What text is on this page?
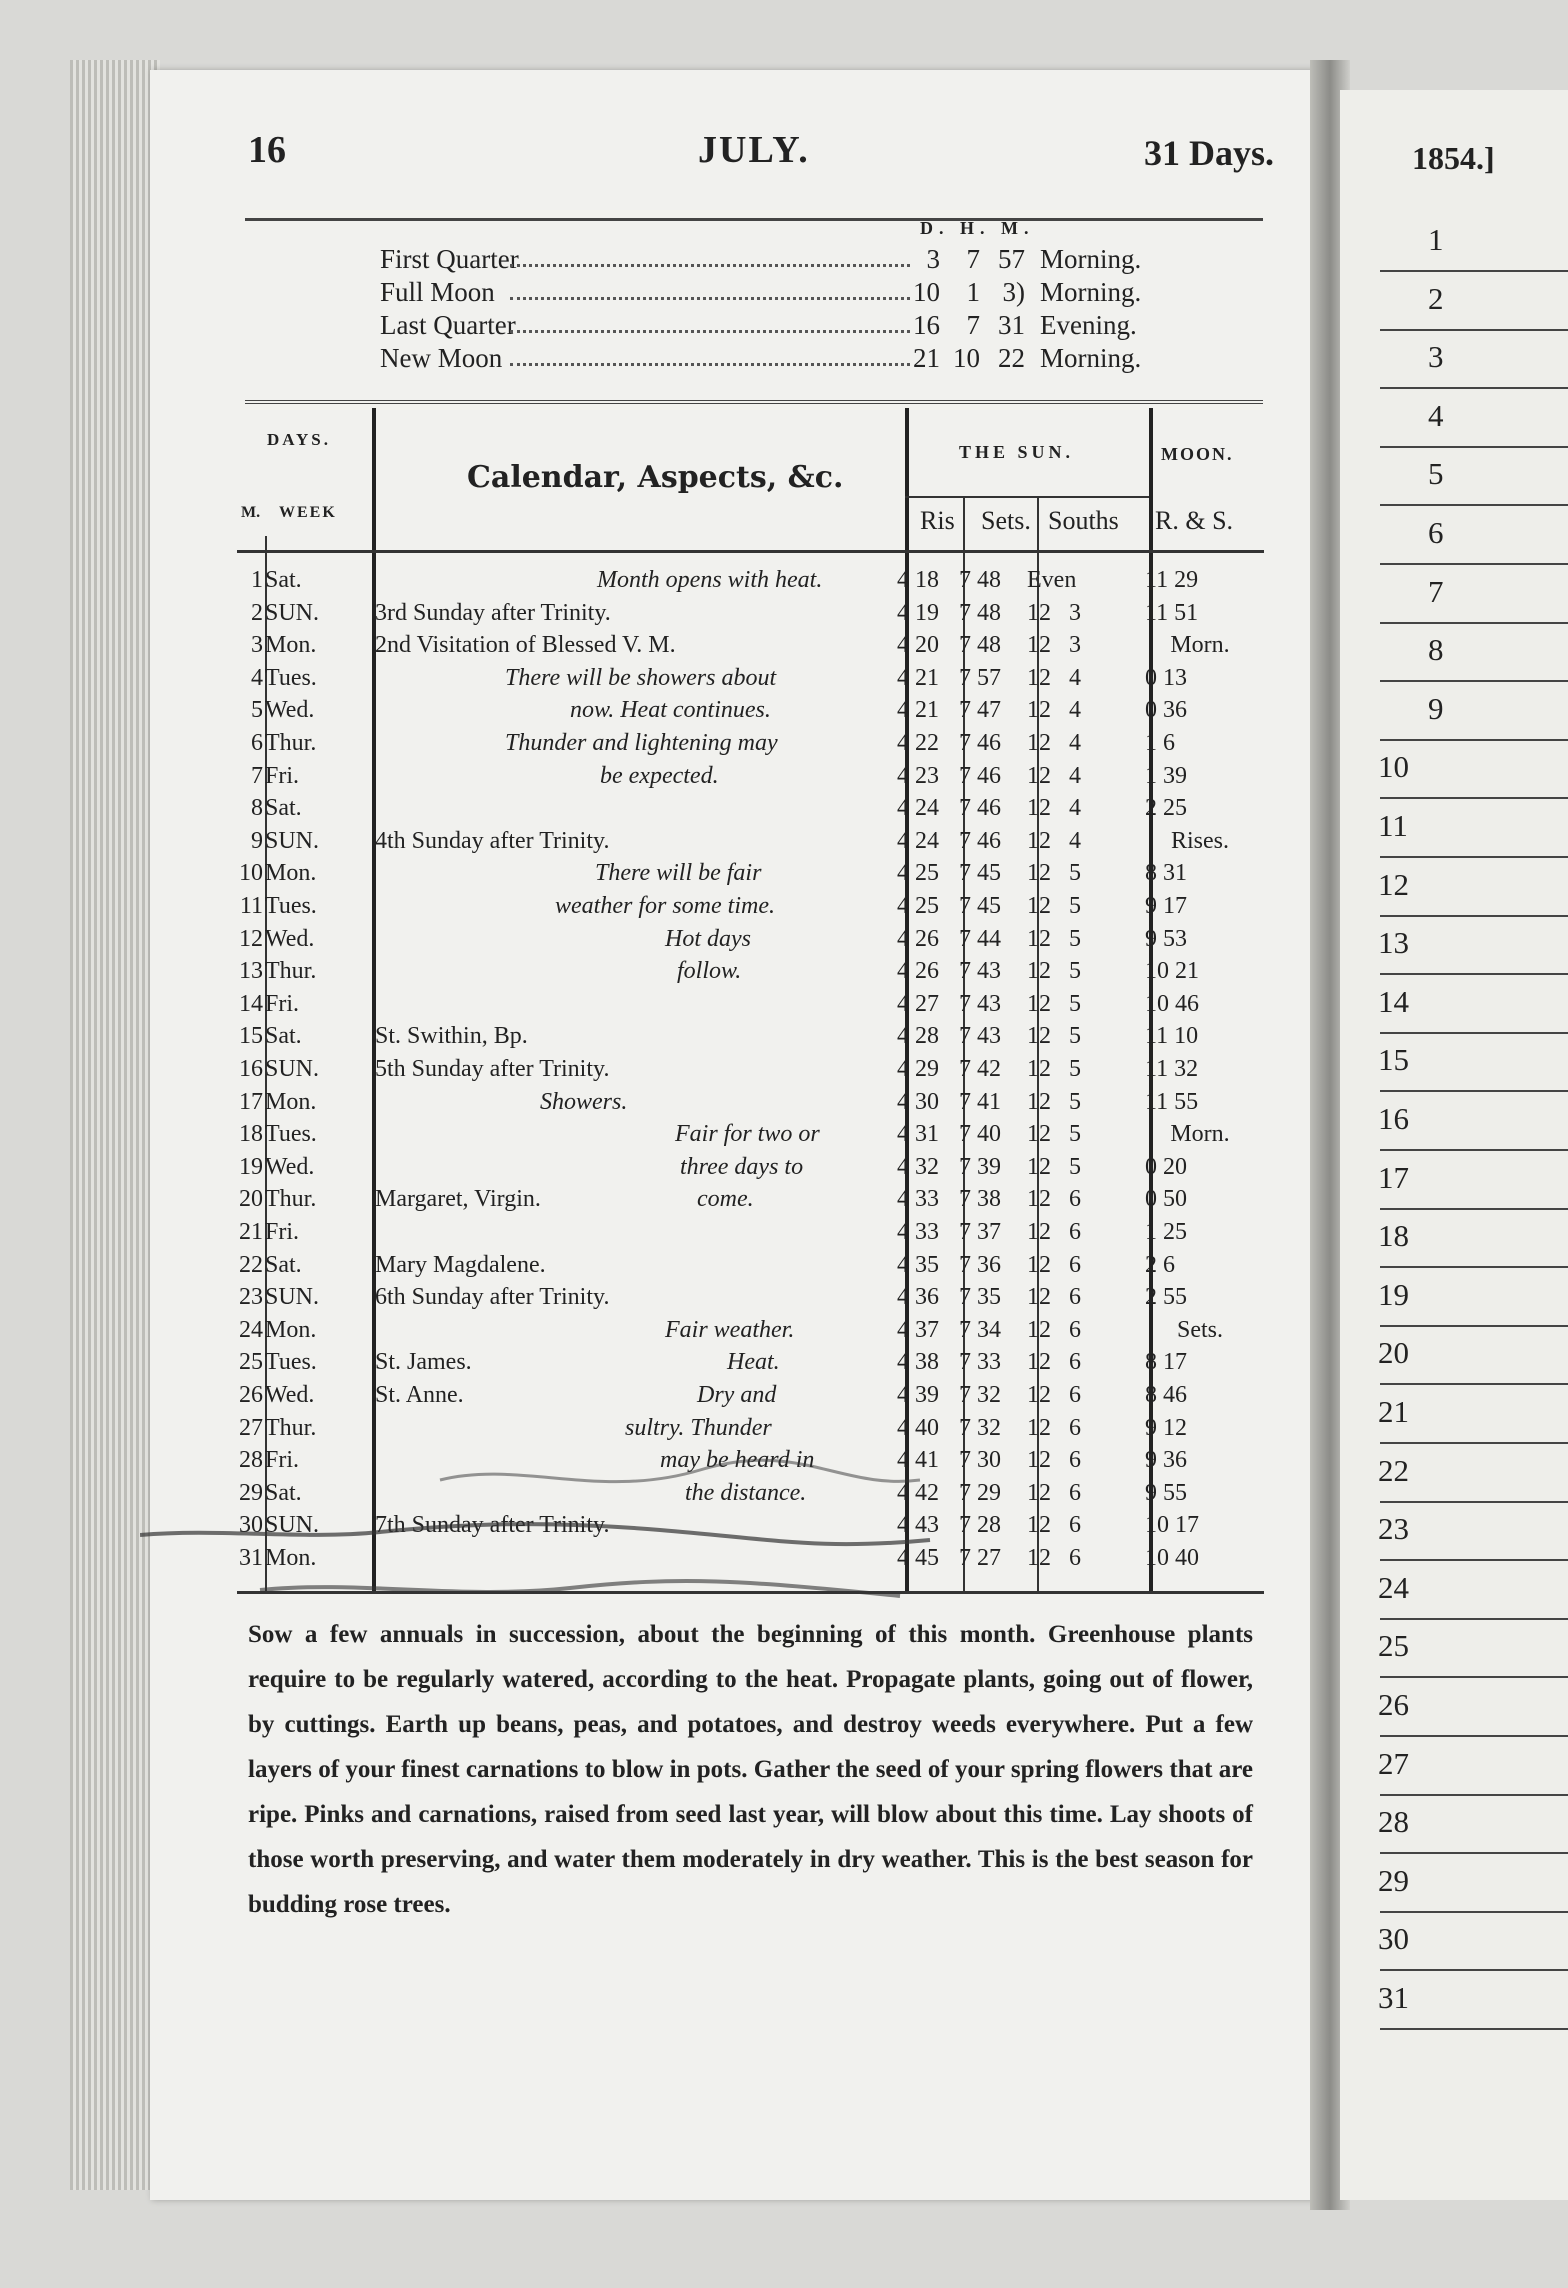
16	JULY.	31 Days.
D. H. M.
First Quarter	3 7 57 Morning.
Full Moon	10 1 3) Morning.
Last Quarter	16 7 31 Evening.
New Moon	21 10 22 Morning.
DAYS.
M. WEEK
Calendar, Aspects, &c.
THE SUN.	MOON.
Ris Sets. Souths R. & S.
1 Sat.	Month opens with heat.	4 18 7 48	Even	11 29
2 SUN. 3rd Sunday after Trinity.	4 19 7 48	12   3	11 51
3 Mon. 2nd Visitation of Blessed V. M.	4 20 7 48	12   3	Morn.
4 Tues.	There will be showers about	4 21 7 57	12   4	0 13
5 Wed.	now. Heat continues.	4 21 7 47	12   4	0 36
6 Thur.	Thunder and lightening may	4 22 7 46	12   4	1 6
7 Fri.	be expected.	4 23 7 46	12   4	1 39
8 Sat.	4 24 7 46	12   4	2 25
9 SUN. 4th Sunday after Trinity.	4 24 7 46	12   4	Rises.
10 Mon.	There will be fair	4 25 7 45	12   5	8 31
11 Tues.	weather for some time.	4 25 7 45	12   5	9 17
12 Wed.	Hot days	4 26 7 44	12   5	9 53
13 Thur.	follow.	4 26 7 43	12   5	10 21
14 Fri.	4 27 7 43	12   5	10 46
15 Sat.	St. Swithin, Bp.	4 28 7 43	12   5	11 10
16 SUN. 5th Sunday after Trinity.	4 29 7 42	12   5	11 32
17 Mon.	Showers.	4 30 7 41	12   5	11 55
18 Tues.	Fair for two or	4 31 7 40	12   5	Morn.
19 Wed.	three days to	4 32 7 39	12   5	0 20
20 Thur. Margaret, Virgin.	come.	4 33 7 38	12   6	0 50
21 Fri.	4 33 7 37	12   6	1 25
22 Sat.	Mary Magdalene.	4 35 7 36	12   6	2 6
23 SUN. 6th Sunday after Trinity.	4 36 7 35	12   6	2 55
24 Mon.	Fair weather.	4 37 7 34	12   6	Sets.
25 Tues. St. James.	Heat.	4 38 7 33	12   6	8 17
26 Wed.	St. Anne.	Dry and	4 39 7 32	12   6	8 46
27 Thur.	sultry. Thunder	4 40 7 32	12   6	9 12
28 Fri.	may be heard in	4 41 7 30	12   6	9 36
29 Sat.	the distance.	4 42 7 29	12   6	9 55
30 SUN. 7th Sunday after Trinity.	4 43 7 28	12   6	10 17
31 Mon.	4 45 7 27	12   6	10 40
Sow a few annuals in succession, about the beginning of this month. Greenhouse plants require to be regularly watered, according to the heat. Propagate plants, going out of flower, by cuttings. Earth up beans, peas, and potatoes, and destroy weeds everywhere. Put a few layers of your finest carnations to blow in pots. Gather the seed of your spring flowers that are ripe. Pinks and carnations, raised from seed last year, will blow about this time. Lay shoots of those worth preserving, and water them moderately in dry weather. This is the best season for budding rose trees.
1854.]
1
2
3
4
5
6
7
8
9
10
11
12
13
14
15
16
17
18
19
20
21
22
23
24
25
26
27
28
29
30
31
